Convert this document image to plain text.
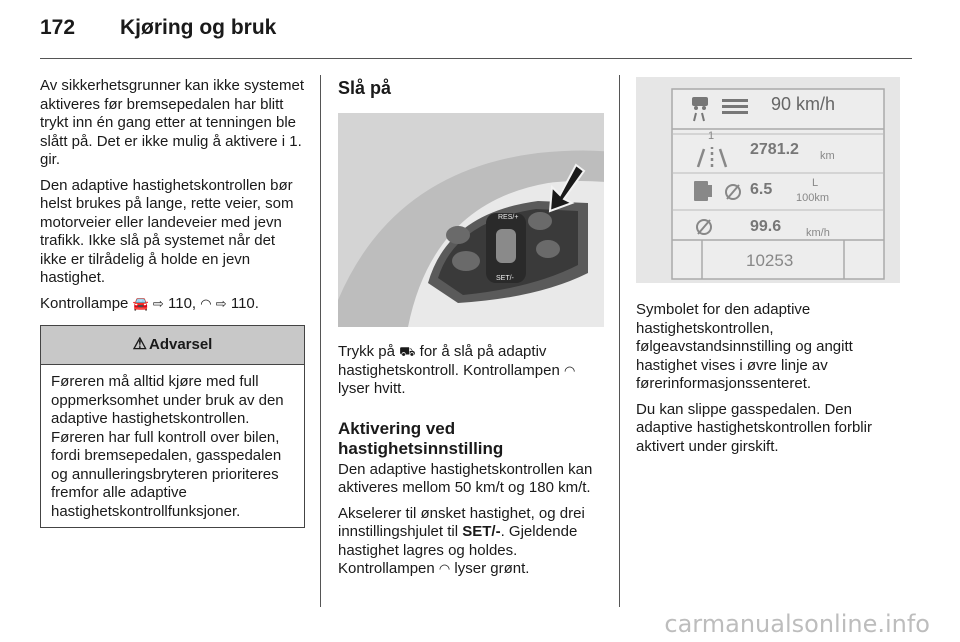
172 Kjøring og bruk

Av sikkerhetsgrunner kan ikke systemet aktiveres før bremsepedalen har blitt trykt inn én gang etter at tenningen ble slått på. Det er ikke mulig å aktivere i 1. gir.

Den adaptive hastighetskontrollen bør helst brukes på lange, rette veier, som motorveier eller landeveier med jevn trafikk. Ikke slå på systemet når det ikke er tilrådelig å holde en jevn hastighet.

Kontrollampe 🚘 ⇨ 110, ◠ ⇨ 110.

⚠ Advarsel
Føreren må alltid kjøre med full oppmerksomhet under bruk av den adaptive hastighetskontrollen. Føreren har full kontroll over bilen, fordi bremsepedalen, gasspedalen og annulleringsbryteren prioriteres fremfor alle adaptive hastighetskontrollfunksjoner.
Slå på
RES/+
SET/-

Trykk på ⛟ for å slå på adaptiv hastighetskontroll. Kontrollampen ◠ lyser hvitt.

Aktivering ved hastighetsinnstilling

Den adaptive hastighetskontrollen kan aktiveres mellom 50 km/t og 180 km/t.

Akselerer til ønsket hastighet, og drei innstillingshjulet til SET/-. Gjeldende hastighet lagres og holdes. Kontrollampen ◠ lyser grønt.

90 km/h
1
2781.2 km
6.5	L
100km
99.6 km/h
10253

Symbolet for den adaptive hastighetskontrollen, følgeavstandsinnstilling og angitt hastighet vises i øvre linje av førerinformasjonssenteret.

Du kan slippe gasspedalen. Den adaptive hastighetskontrollen forblir aktivert under girskift.

carmanualsonline.info
